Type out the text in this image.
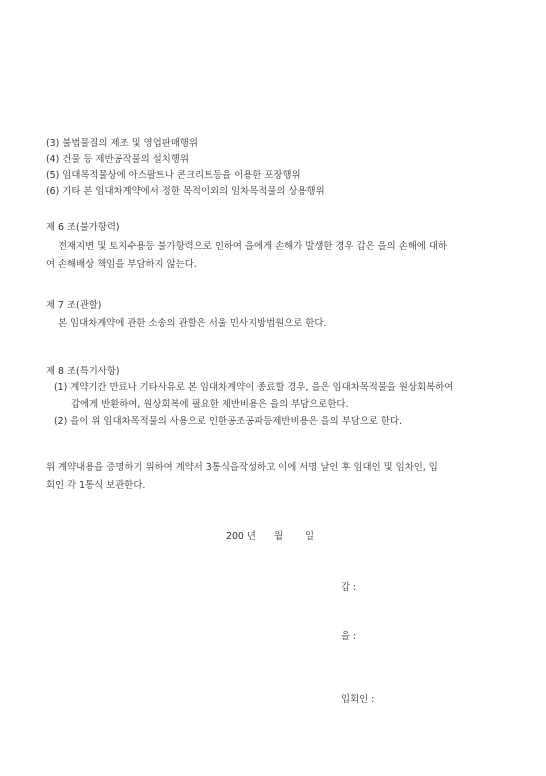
(3) 불법물질의 제조 및 영업판매행위
(4) 건물 등 제반공작물의 설치행위
(5) 임대목적물상에 아스팔트나 콘크리트등을 이용한 포장행위
(6) 기타 본 임대차계약에서 정한 목적이외의 임차목적물의 상용행위
제 6 조(불가항력)
전재지변 및 토지수용등 불가항력으로 인하여 을에게 손해가 발생한 경우 갑은 을의 손해에 대하
여 손해배상 책임을 부담하지 않는다.
제 7 조(관할)
본 임대차계약에 관한 소송의 관할은 서울 민사지방법원으로 한다.
제 8 조(특기사항)
(1) 계약기간 만료나 기타사유로 본 임대차계약이 종료할 경우, 을은 임대차목적물을 원상회복하여
갑에게 반환하여, 원상회복에 필요한 제반비용은 을의 부담으로한다.
(2) 을이 위 임대차목적물의 사용으로 인한공조공파등제반비용은 을의 부담으로 한다.
위 계약내용을 증명하기 위하여 계약서 3통식을작성하고 이에 서명 날인 후 임대인 및 임차인, 입
회인 각 1통식 보관한다.
200 년 월 일
갑 :
을 :
입회인 :
